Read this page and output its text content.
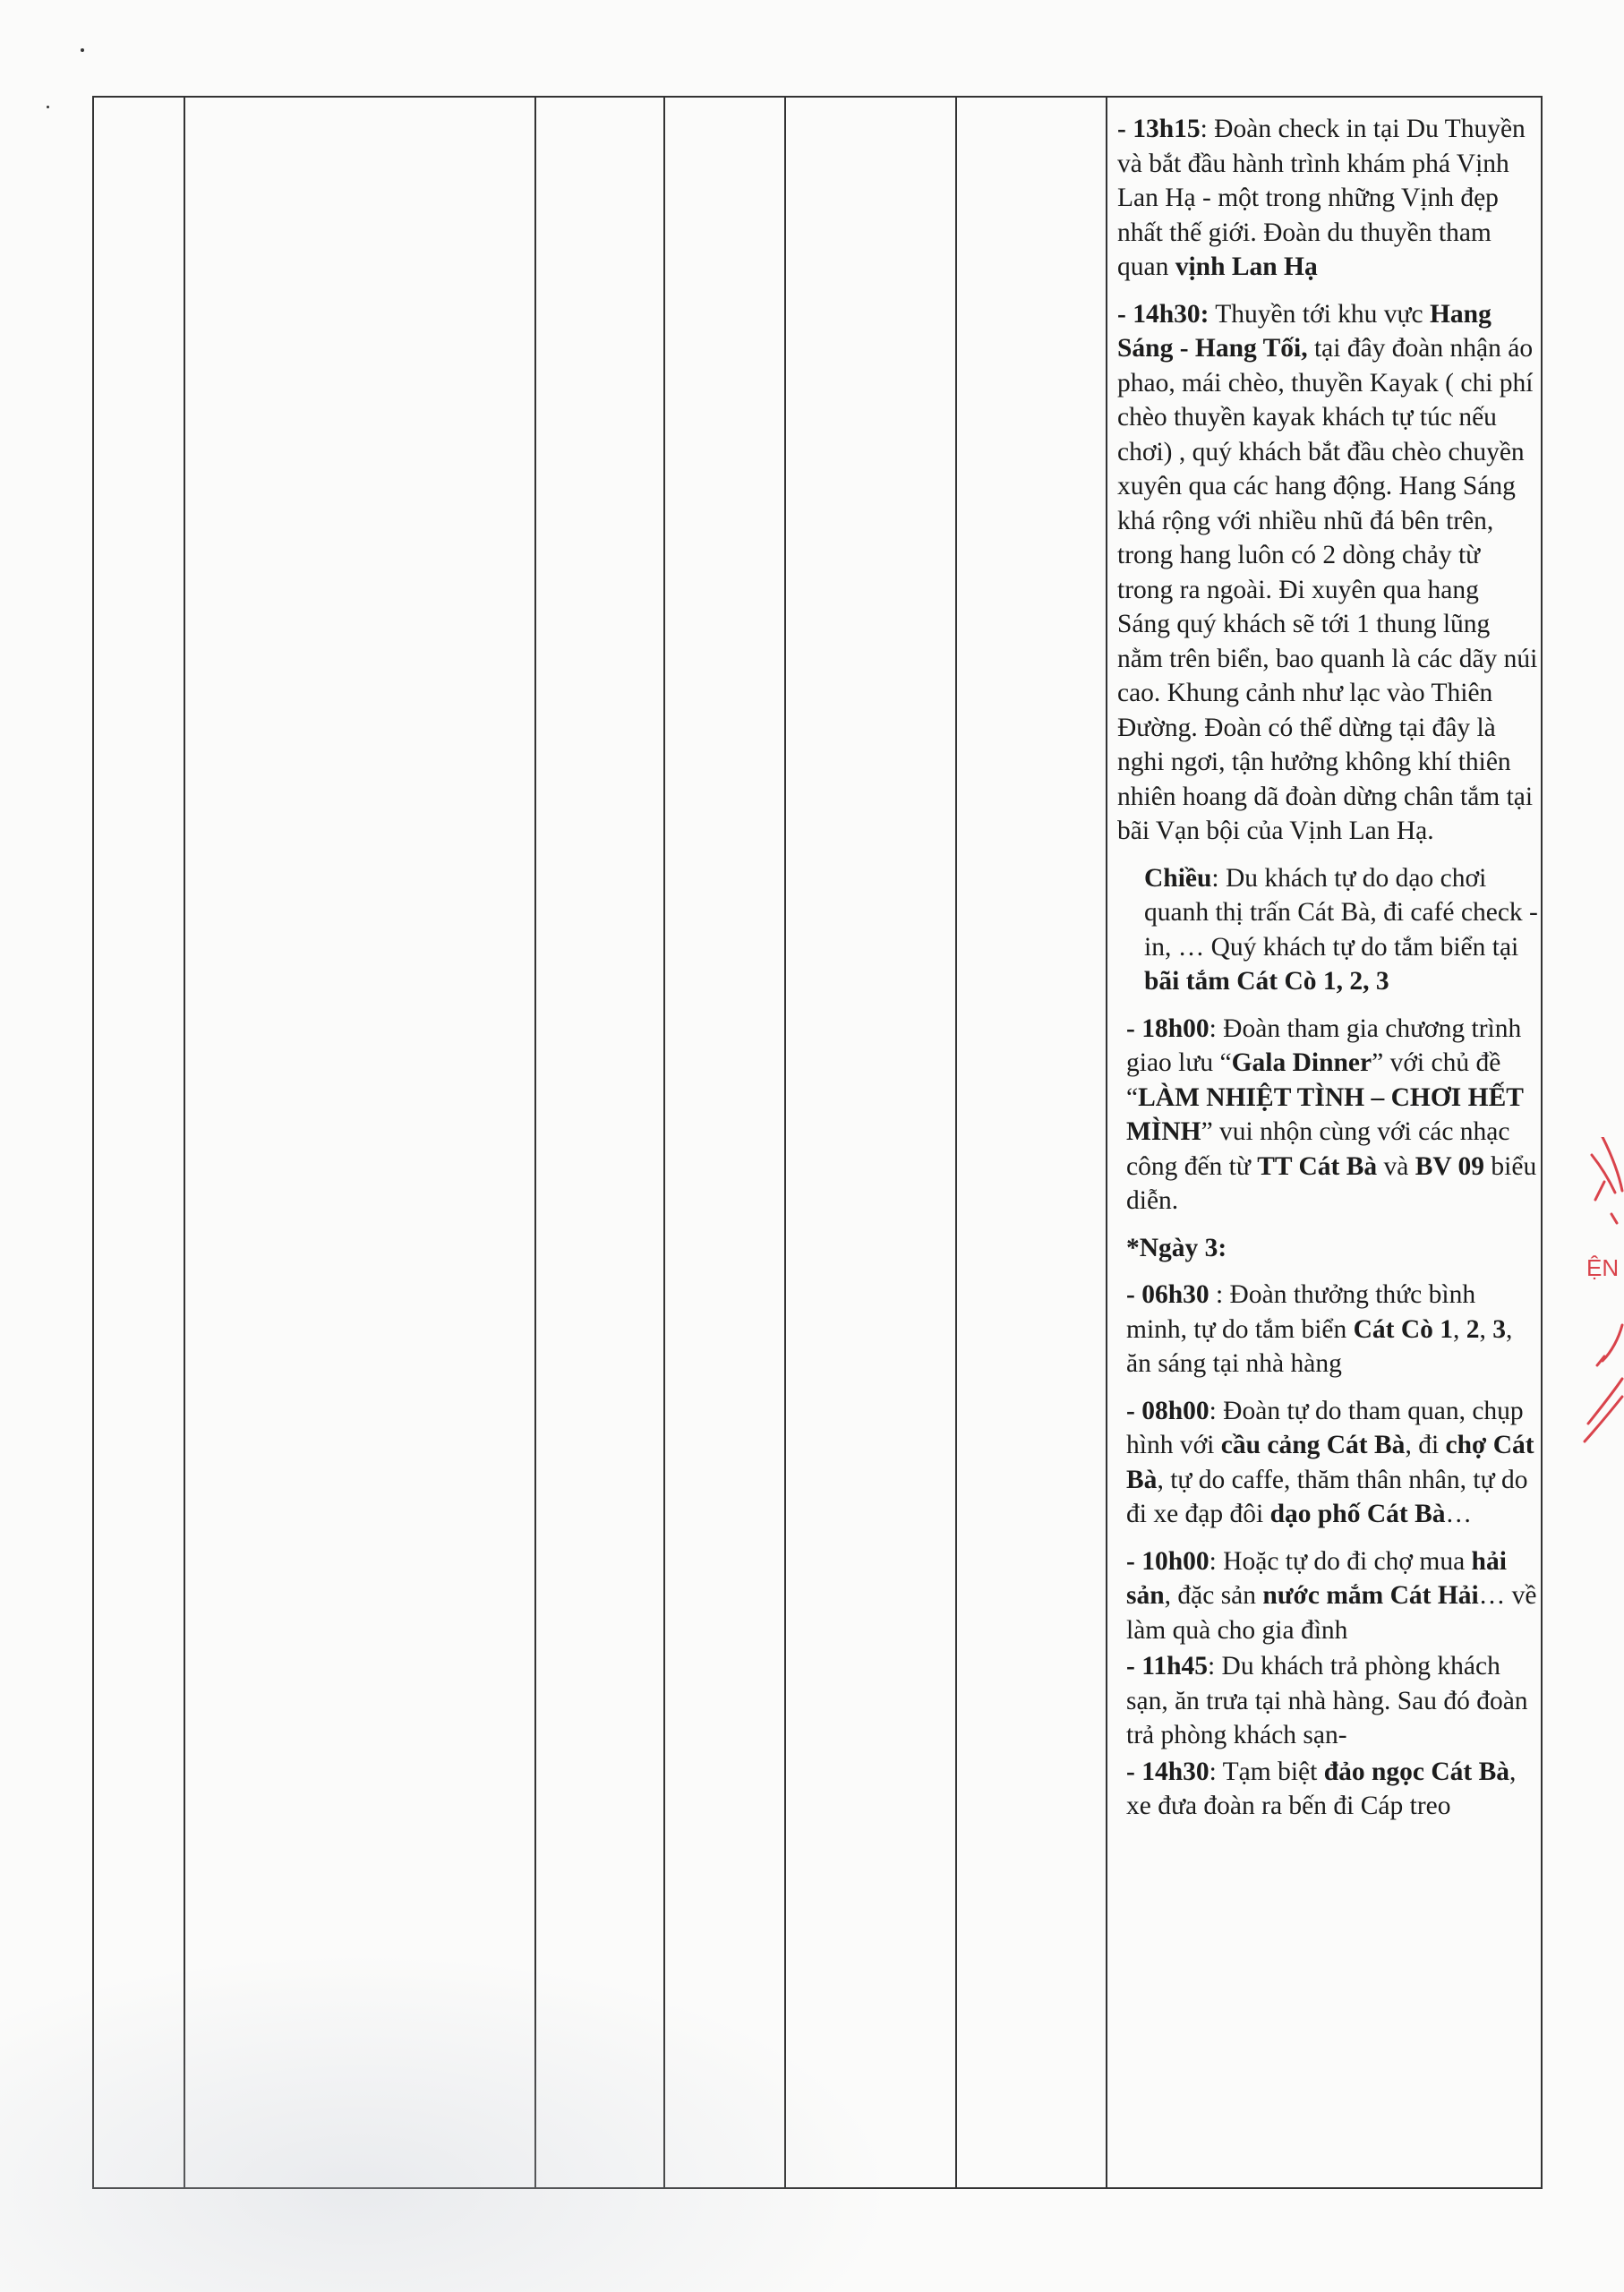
- 13h15: Đoàn check in tại Du Thuyền và bắt đầu hành trình khám phá Vịnh Lan Hạ - một trong những Vịnh đẹp nhất thế giới. Đoàn du thuyền tham quan vịnh Lan Hạ
- 14h30: Thuyền tới khu vực Hang Sáng - Hang Tối, tại đây đoàn nhận áo phao, mái chèo, thuyền Kayak ( chi phí chèo thuyền kayak khách tự túc nếu chơi) , quý khách bắt đầu chèo chuyền xuyên qua các hang động. Hang Sáng khá rộng với nhiều nhũ đá bên trên, trong hang luôn có 2 dòng chảy từ trong ra ngoài. Đi xuyên qua hang Sáng quý khách sẽ tới 1 thung lũng nằm trên biển, bao quanh là các dãy núi cao. Khung cảnh như lạc vào Thiên Đường. Đoàn có thể dừng tại đây là nghi ngơi, tận hưởng không khí thiên nhiên hoang dã đoàn dừng chân tắm tại bãi Vạn bội của Vịnh Lan Hạ.
Chiều: Du khách tự do dạo chơi quanh thị trấn Cát Bà, đi café check -in, … Quý khách tự do tắm biển tại bãi tắm Cát Cò 1, 2, 3
- 18h00: Đoàn tham gia chương trình giao lưu “Gala Dinner” với chủ đề “LÀM NHIỆT TÌNH – CHƠI HẾT MÌNH” vui nhộn cùng với các nhạc công đến từ TT Cát Bà và BV 09 biểu diễn.
*Ngày 3:
- 06h30 : Đoàn thưởng thức bình minh, tự do tắm biển Cát Cò 1, 2, 3, ăn sáng tại nhà hàng
- 08h00: Đoàn tự do tham quan, chụp hình với cầu cảng Cát Bà, đi chợ Cát Bà, tự do caffe, thăm thân nhân, tự do đi xe đạp đôi dạo phố Cát Bà…
- 10h00: Hoặc tự do đi chợ mua hải sản, đặc sản nước mắm Cát Hải… về làm quà cho gia đình
- 11h45: Du khách trả phòng khách sạn, ăn trưa tại nhà hàng. Sau đó đoàn trả phòng khách sạn-
- 14h30: Tạm biệt đảo ngọc Cát Bà, xe đưa đoàn ra bến đi Cáp treo
ỆN
